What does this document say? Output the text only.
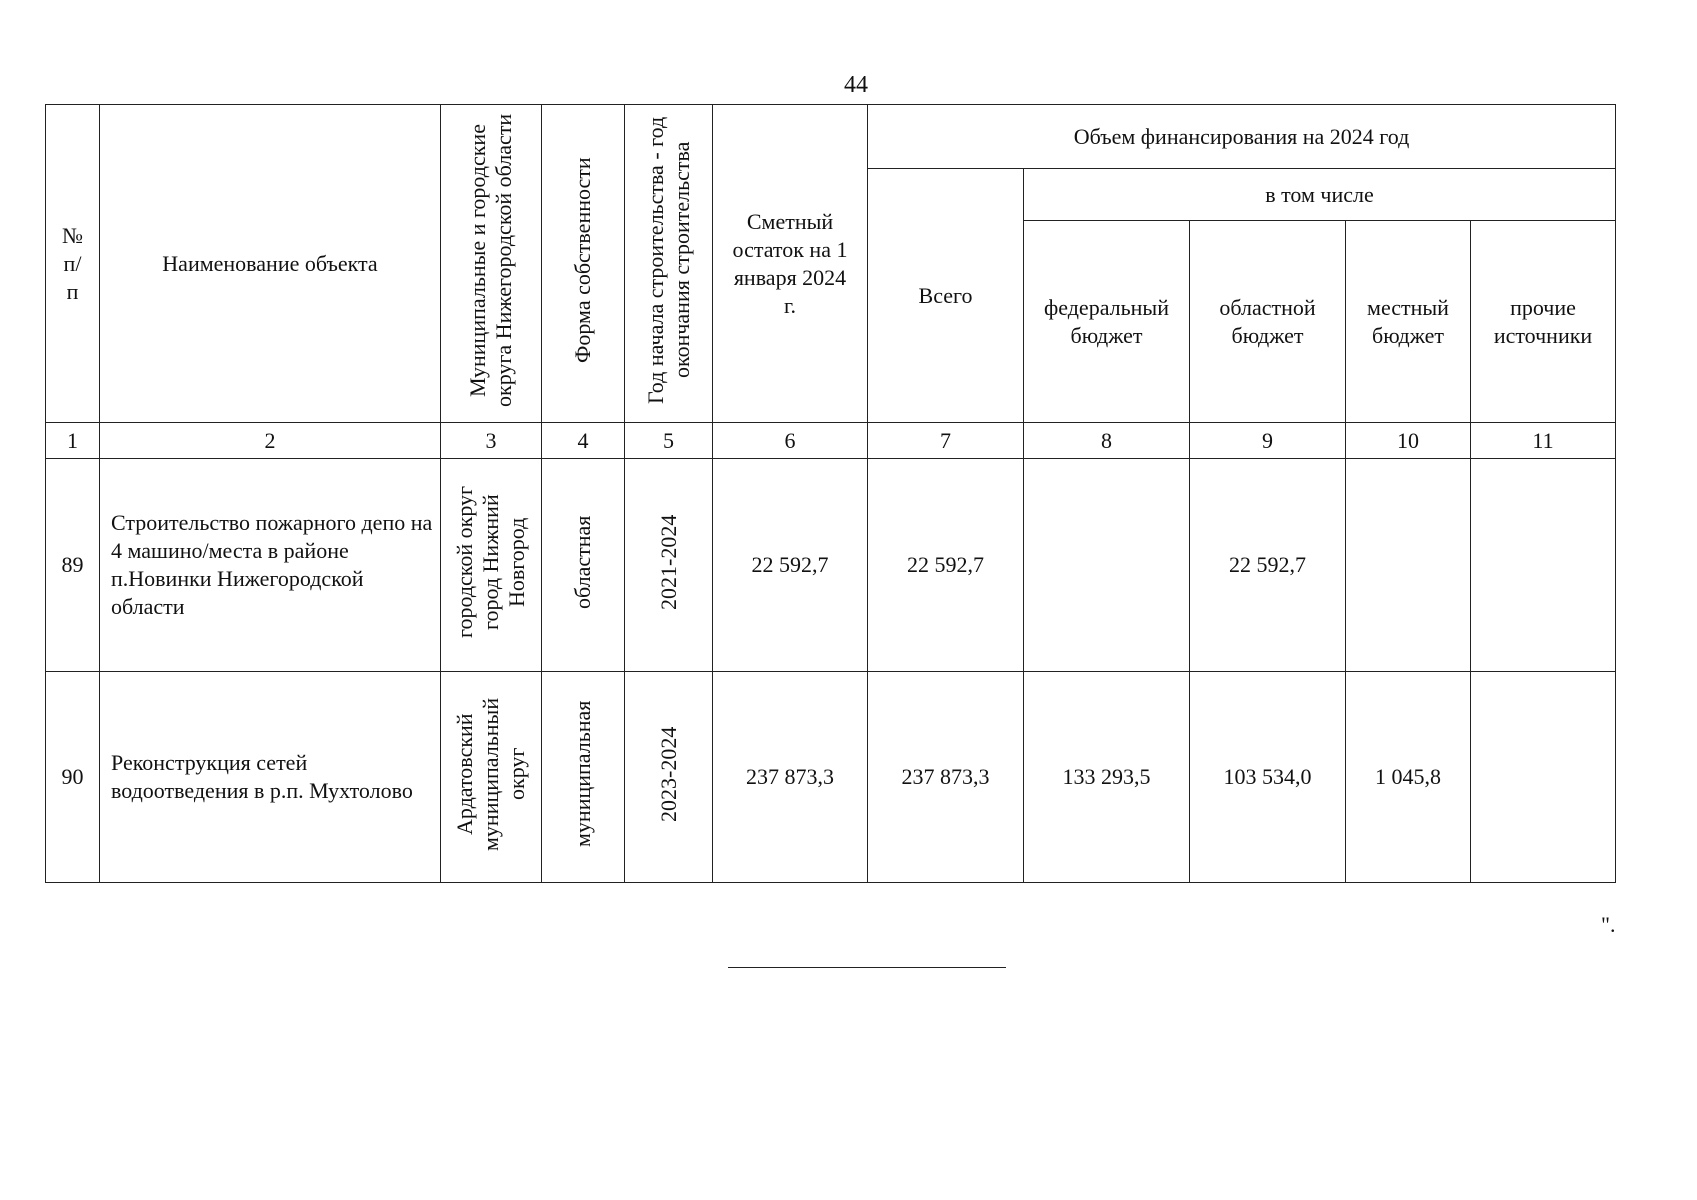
44
№ п/п	Наименование объекта	Муниципальные и городские округа Нижегородской области	Форма собственности	Год начала строительства - год окончания строительства	Сметный остаток на 1 января 2024 г.	Объем финансирования на 2024 год				
						Всего	в том числе			
							федеральный бюджет	областной бюджет	местный бюджет	прочие источники

1	2	3	4	5	6	7	8	9	10	11
89	Строительство пожарного депо на 4 машино/места в районе п.Новинки Нижегородской области	городской округ город Нижний Новгород	областная	2021-2024	22 592,7	22 592,7		22 592,7		
90	Реконструкция сетей водоотведения в р.п. Мухтолово	Ардатовский муниципальный округ	муниципальная	2023-2024	237 873,3	237 873,3	133 293,5	103 534,0	1 045,8	
".
